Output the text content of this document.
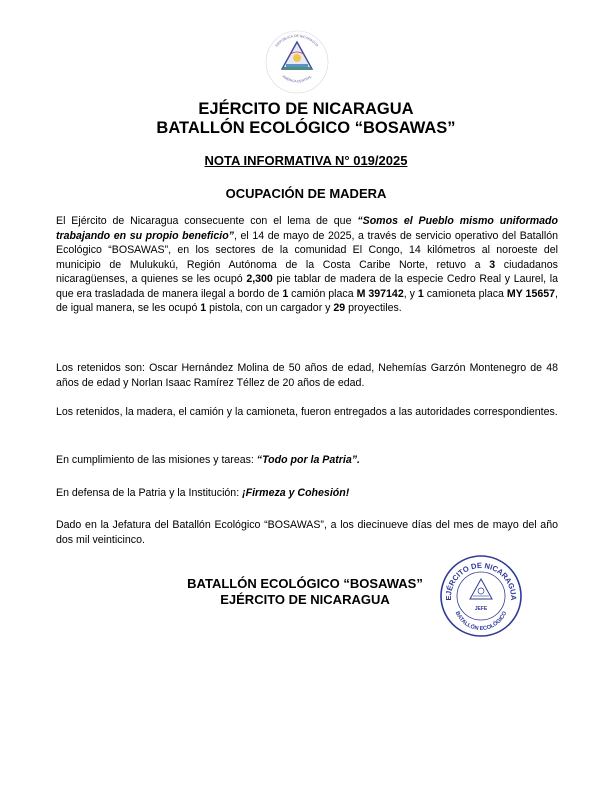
REPÚBLICA DE NICARAGUA
AMÉRICA CENTRAL
EJÉRCITO DE NICARAGUA
BATALLÓN ECOLÓGICO “BOSAWAS”
NOTA INFORMATIVA N° 019/2025
OCUPACIÓN DE MADERA
El Ejército de Nicaragua consecuente con el lema de que “Somos el Pueblo mismo uniformado trabajando en su propio beneficio”, el 14 de mayo de 2025, a través de servicio operativo del Batallón Ecológico “BOSAWAS”, en los sectores de la comunidad El Congo, 14 kilómetros al noroeste del municipio de Mulukukú, Región Autónoma de la Costa Caribe Norte, retuvo a 3 ciudadanos nicaragüenses, a quienes se les ocupó 2,300 pie tablar de madera de la especie Cedro Real y Laurel, la que era trasladada de manera ilegal a bordo de 1 camión placa M 397142, y 1 camioneta placa MY 15657, de igual manera, se les ocupó 1 pistola, con un cargador y 29 proyectiles.
Los retenidos son: Oscar Hernández Molina de 50 años de edad, Nehemías Garzón Montenegro de 48 años de edad y Norlan Isaac Ramírez Téllez de 20 años de edad.
Los retenidos, la madera, el camión y la camioneta, fueron entregados a las autoridades correspondientes.
En cumplimiento de las misiones y tareas: “Todo por la Patria”.
En defensa de la Patria y la Institución: ¡Firmeza y Cohesión!
Dado en la Jefatura del Batallón Ecológico “BOSAWAS”, a los diecinueve días del mes de mayo del año dos mil veinticinco.
BATALLÓN ECOLÓGICO “BOSAWAS”
EJÉRCITO DE NICARAGUA	EJÉRCITO DE NICARAGUA
BATALLÓN ECOLÓGICO
JEFE
